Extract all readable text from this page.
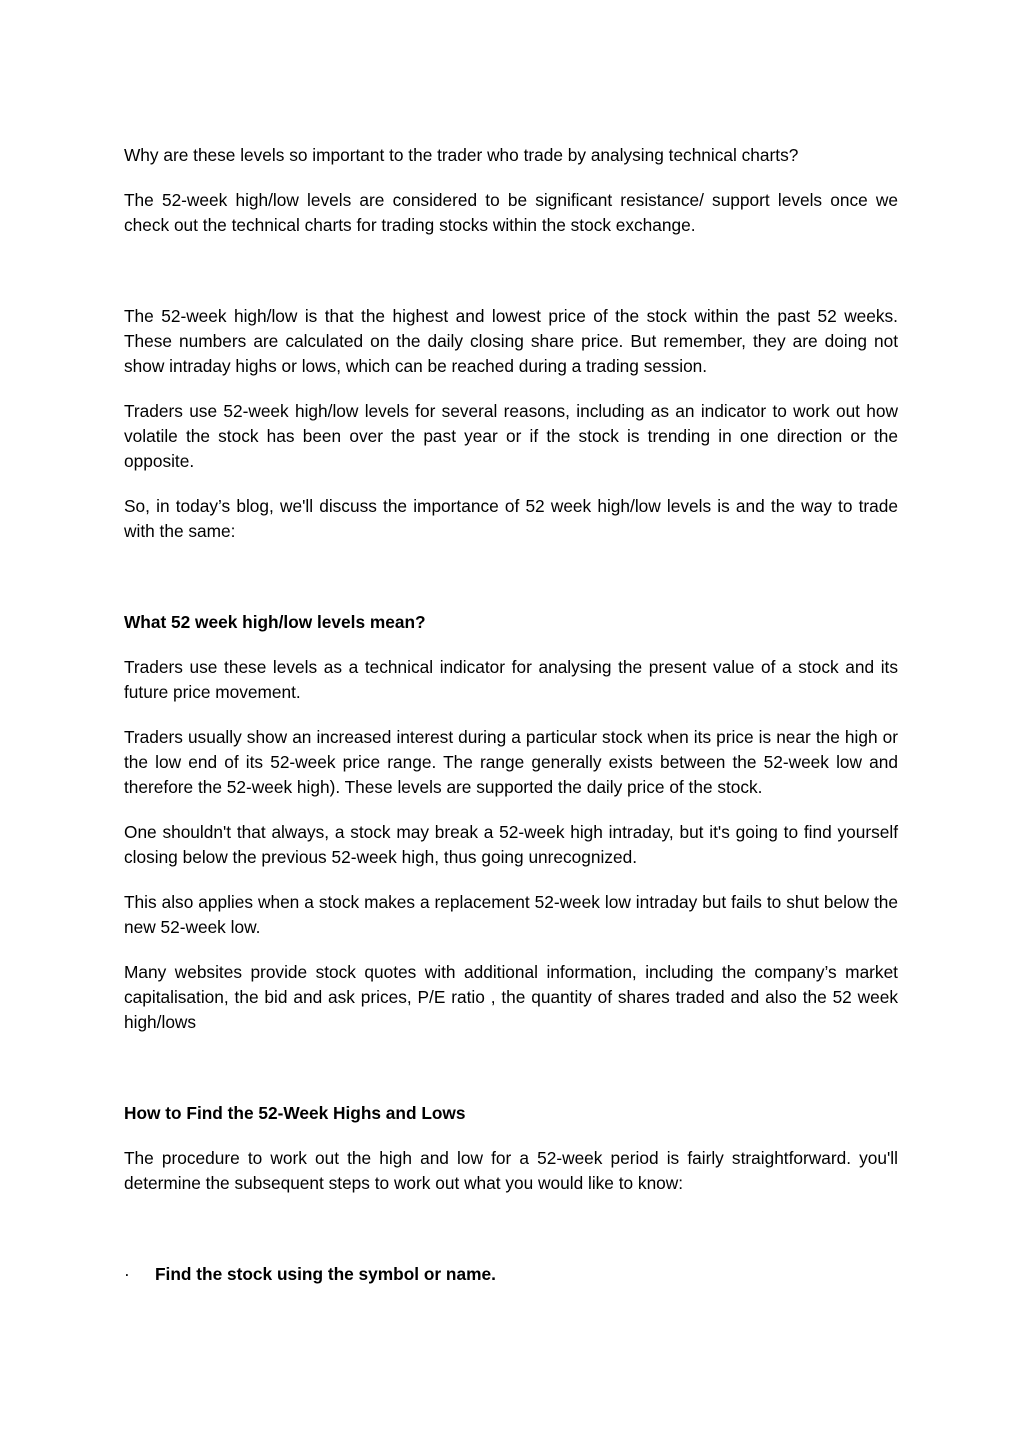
Why are these levels so important to the trader who trade by analysing technical charts?

The 52-week high/low levels are considered to be significant resistance/ support levels once we check out the technical charts for trading stocks within the stock exchange.

The 52-week high/low is that the highest and lowest price of the stock within the past 52 weeks. These numbers are calculated on the daily closing share price. But remember, they are doing not show intraday highs or lows, which can be reached during a trading session.

Traders use 52-week high/low levels for several reasons, including as an indicator to work out how volatile the stock has been over the past year or if the stock is trending in one direction or the opposite.

So, in today’s blog, we'll discuss the importance of 52 week high/low levels is and the way to trade with the same:

What 52 week high/low levels mean?

Traders use these levels as a technical indicator for analysing the present value of a stock and its future price movement.

Traders usually show an increased interest during a particular stock when its price is near the high or the low end of its 52-week price range. The range generally exists between the 52-week low and therefore the 52-week high). These levels are supported the daily price of the stock.

One shouldn't that always, a stock may break a 52-week high intraday, but it's going to find yourself closing below the previous 52-week high, thus going unrecognized.

This also applies when a stock makes a replacement 52-week low intraday but fails to shut below the new 52-week low.

Many websites provide stock quotes with additional information, including the company’s market capitalisation, the bid and ask prices, P/E ratio , the quantity of shares traded and also the 52 week high/lows

How to Find the 52-Week Highs and Lows

The procedure to work out the high and low for a 52-week period is fairly straightforward. you'll determine the subsequent steps to work out what you would like to know:

·	Find the stock using the symbol or name.
